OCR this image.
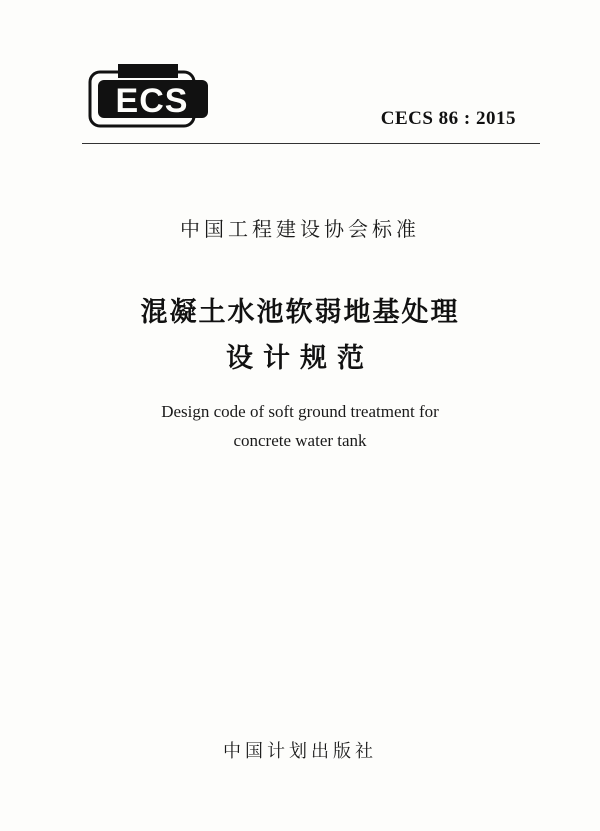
ECS	CECS 86 : 2015
中国工程建设协会标准
混凝土水池软弱地基处理
设计规范
Design code of soft ground treatment for
concrete water tank
中国计划出版社
